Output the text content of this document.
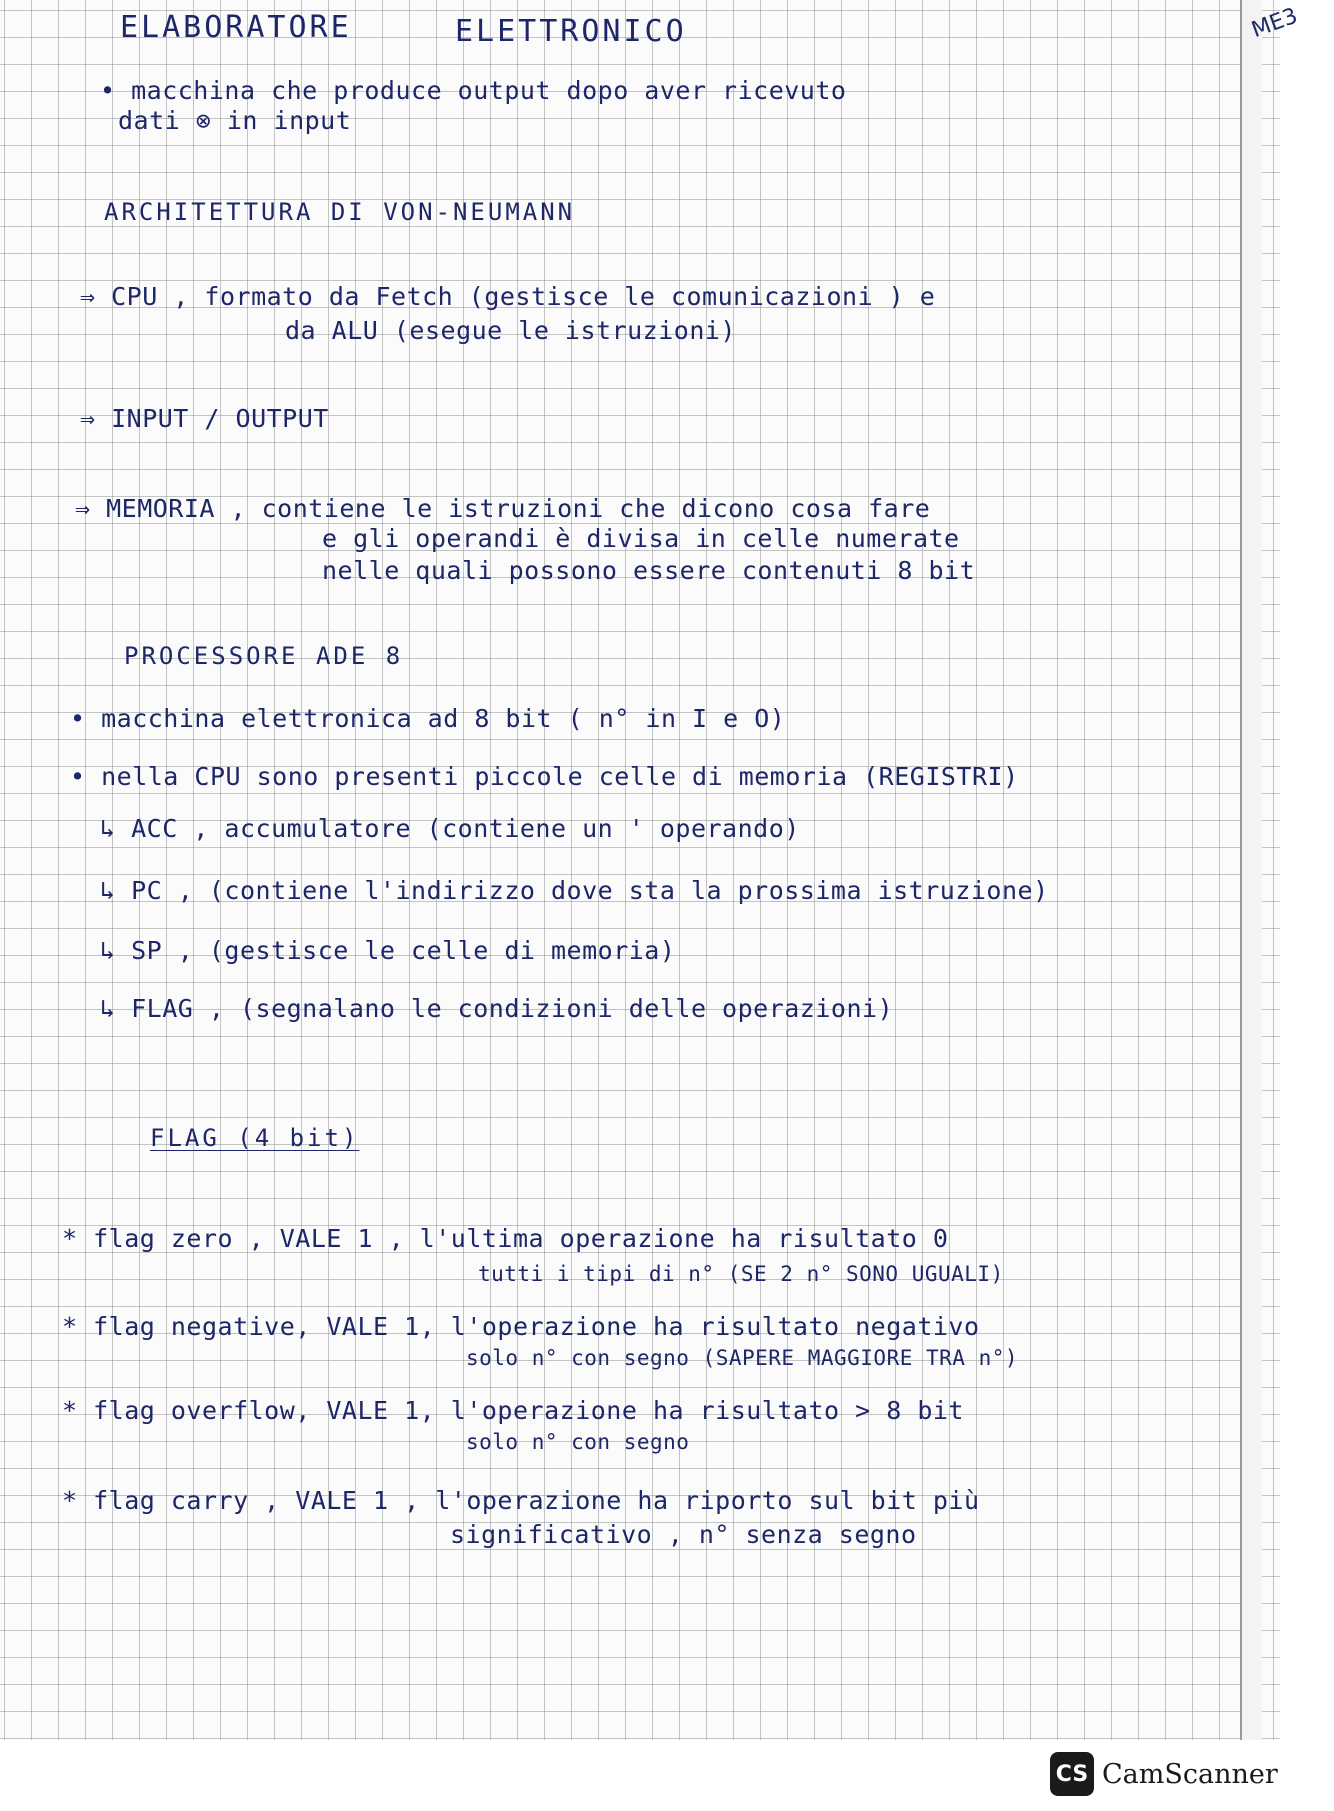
ME3

ELABORATORE	ELETTRONICO

• macchina che produce output dopo aver ricevuto

dati ⊗ in input

ARCHITETTURA DI VON-NEUMANN

⇒ CPU , formato da Fetch (gestisce le comunicazioni ) e

da ALU (esegue le istruzioni)

⇒ INPUT / OUTPUT

⇒ MEMORIA , contiene le istruzioni che dicono cosa fare

e gli operandi è divisa in celle numerate

nelle quali possono essere contenuti 8 bit

PROCESSORE ADE 8

• macchina elettronica ad 8 bit ( n° in I e O)

• nella CPU sono presenti piccole celle di memoria (REGISTRI)

↳ ACC , accumulatore (contiene un ' operando)

↳ PC , (contiene l'indirizzo dove sta la prossima istruzione)

↳ SP , (gestisce le celle di memoria)

↳ FLAG , (segnalano le condizioni delle operazioni)

FLAG (4 bit)

* flag zero , VALE 1 , l'ultima operazione ha risultato 0

tutti i tipi di n° (SE 2 n° SONO UGUALI)

* flag negative, VALE 1, l'operazione ha risultato negativo

solo n° con segno (SAPERE MAGGIORE TRA n°)

* flag overflow, VALE 1, l'operazione ha risultato > 8 bit

solo n° con segno

* flag carry , VALE 1 , l'operazione ha riporto sul bit più

significativo , n° senza segno

CS CamScanner
